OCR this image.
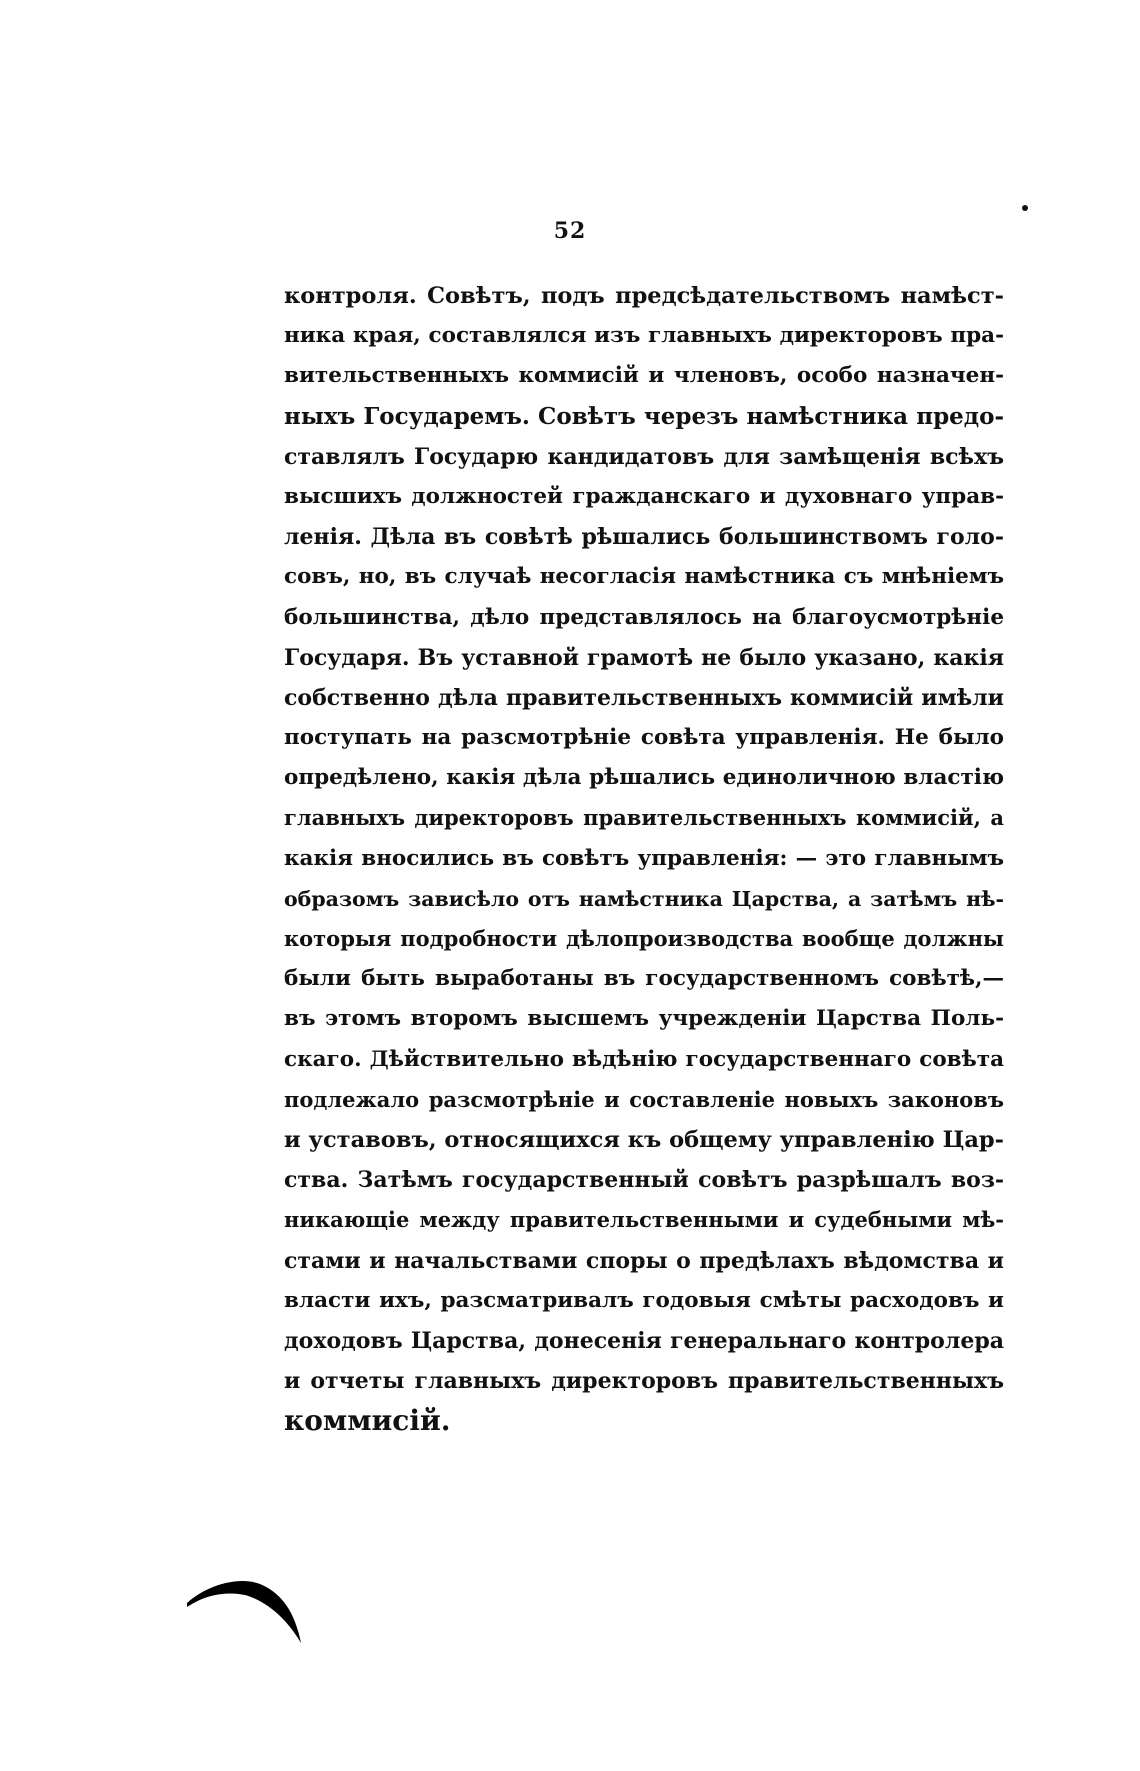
52
контроля. Совѣтъ, подъ предсѣдательствомъ намѣст-
ника края, составлялся изъ главныхъ директоровъ пра-
вительственныхъ коммисій и членовъ, особо назначен-
ныхъ Государемъ. Совѣтъ черезъ намѣстника предо-
ставлялъ Государю кандидатовъ для замѣщенія всѣхъ
высшихъ должностей гражданскаго и духовнаго управ-
ленія. Дѣла въ совѣтѣ рѣшались большинствомъ голо-
совъ, но, въ случаѣ несогласія намѣстника съ мнѣніемъ
большинства, дѣло представлялось на благоусмотрѣніе
Государя. Въ уставной грамотѣ не было указано, какія
собственно дѣла правительственныхъ коммисій имѣли
поступать на разсмотрѣніе совѣта управленія. Не было
опредѣлено, какія дѣла рѣшались единоличною властію
главныхъ директоровъ правительственныхъ коммисій, а
какія вносились въ совѣтъ управленія: — это главнымъ
образомъ зависѣло отъ намѣстника Царства, а затѣмъ нѣ-
которыя подробности дѣлопроизводства вообще должны
были быть выработаны въ государственномъ совѣтѣ,—
въ этомъ второмъ высшемъ учрежденіи Царства Поль-
скаго. Дѣйствительно вѣдѣнію государственнаго совѣта
подлежало разсмотрѣніе и составленіе новыхъ законовъ
и уставовъ, относящихся къ общему управленію Цар-
ства. Затѣмъ государственный совѣтъ разрѣшалъ воз-
никающіе между правительственными и судебными мѣ-
стами и начальствами споры о предѣлахъ вѣдомства и
власти ихъ, разсматривалъ годовыя смѣты расходовъ и
доходовъ Царства, донесенія генеральнаго контролера
и отчеты главныхъ директоровъ правительственныхъ
коммисій.
